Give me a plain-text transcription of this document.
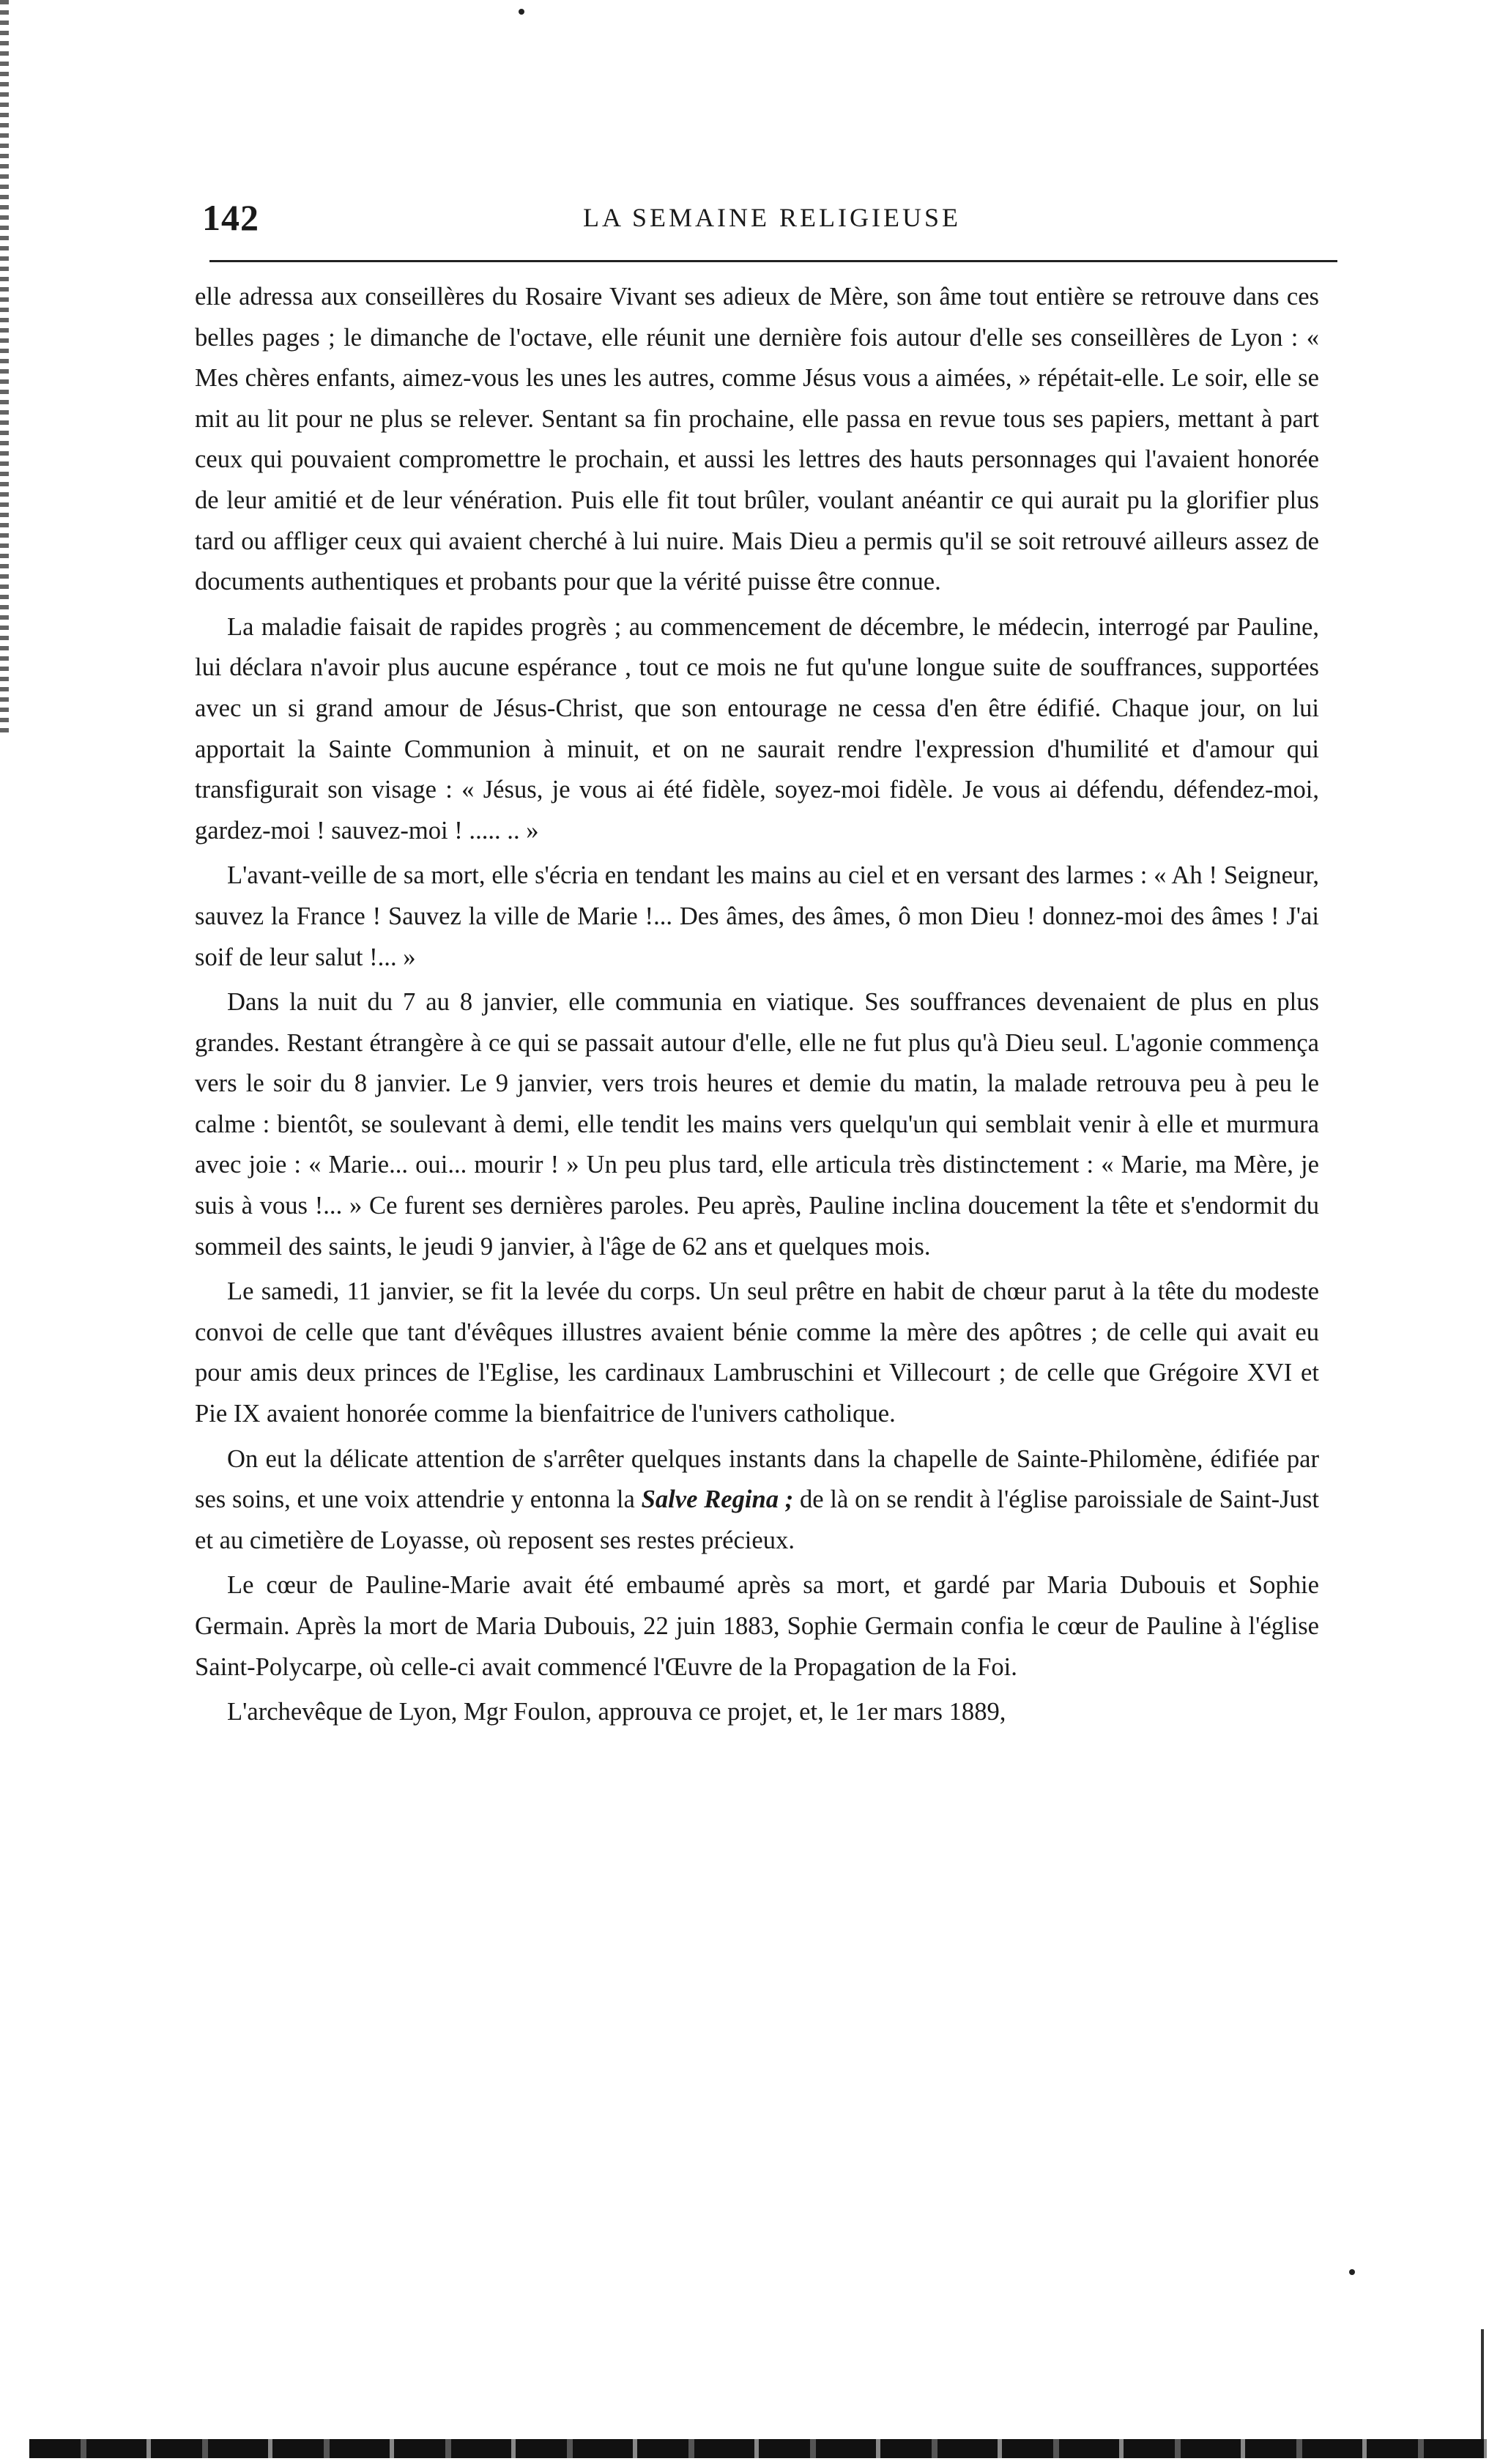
142	LA SEMAINE RELIGIEUSE

elle adressa aux conseillères du Rosaire Vivant ses adieux de Mère, son âme tout entière se retrouve dans ces belles pages ; le dimanche de l'octave, elle réunit une dernière fois autour d'elle ses conseillères de Lyon : « Mes chères enfants, aimez-vous les unes les autres, comme Jésus vous a aimées, » répétait-elle. Le soir, elle se mit au lit pour ne plus se relever. Sentant sa fin prochaine, elle passa en revue tous ses papiers, mettant à part ceux qui pouvaient compromettre le prochain, et aussi les lettres des hauts personnages qui l'avaient honorée de leur amitié et de leur vénération. Puis elle fit tout brûler, voulant anéantir ce qui aurait pu la glorifier plus tard ou affliger ceux qui avaient cherché à lui nuire. Mais Dieu a permis qu'il se soit retrouvé ailleurs assez de documents authentiques et probants pour que la vérité puisse être connue.

La maladie faisait de rapides progrès ; au commencement de décembre, le médecin, interrogé par Pauline, lui déclara n'avoir plus aucune espérance , tout ce mois ne fut qu'une longue suite de souffrances, supportées avec un si grand amour de Jésus-Christ, que son entourage ne cessa d'en être édifié. Chaque jour, on lui apportait la Sainte Communion à minuit, et on ne saurait rendre l'expression d'humilité et d'amour qui transfigurait son visage : « Jésus, je vous ai été fidèle, soyez-moi fidèle. Je vous ai défendu, défendez-moi, gardez-moi ! sauvez-moi ! ..... .. »

L'avant-veille de sa mort, elle s'écria en tendant les mains au ciel et en versant des larmes : « Ah ! Seigneur, sauvez la France ! Sauvez la ville de Marie !... Des âmes, des âmes, ô mon Dieu ! donnez-moi des âmes ! J'ai soif de leur salut !... »

Dans la nuit du 7 au 8 janvier, elle communia en viatique. Ses souffrances devenaient de plus en plus grandes. Restant étrangère à ce qui se passait autour d'elle, elle ne fut plus qu'à Dieu seul. L'agonie commença vers le soir du 8 janvier. Le 9 janvier, vers trois heures et demie du matin, la malade retrouva peu à peu le calme : bientôt, se soulevant à demi, elle tendit les mains vers quelqu'un qui semblait venir à elle et murmura avec joie : « Marie... oui... mourir ! » Un peu plus tard, elle articula très distinctement : « Marie, ma Mère, je suis à vous !... » Ce furent ses dernières paroles. Peu après, Pauline inclina doucement la tête et s'endormit du sommeil des saints, le jeudi 9 janvier, à l'âge de 62 ans et quelques mois.

Le samedi, 11 janvier, se fit la levée du corps. Un seul prêtre en habit de chœur parut à la tête du modeste convoi de celle que tant d'évêques illustres avaient bénie comme la mère des apôtres ; de celle qui avait eu pour amis deux princes de l'Eglise, les cardinaux Lambruschini et Villecourt ; de celle que Grégoire XVI et Pie IX avaient honorée comme la bienfaitrice de l'univers catholique.

On eut la délicate attention de s'arrêter quelques instants dans la chapelle de Sainte-Philomène, édifiée par ses soins, et une voix attendrie y entonna la Salve Regina ; de là on se rendit à l'église paroissiale de Saint-Just et au cimetière de Loyasse, où reposent ses restes précieux.

Le cœur de Pauline-Marie avait été embaumé après sa mort, et gardé par Maria Dubouis et Sophie Germain. Après la mort de Maria Dubouis, 22 juin 1883, Sophie Germain confia le cœur de Pauline à l'église Saint-Polycarpe, où celle-ci avait commencé l'Œuvre de la Propagation de la Foi.

L'archevêque de Lyon, Mgr Foulon, approuva ce projet, et, le 1er mars 1889,
